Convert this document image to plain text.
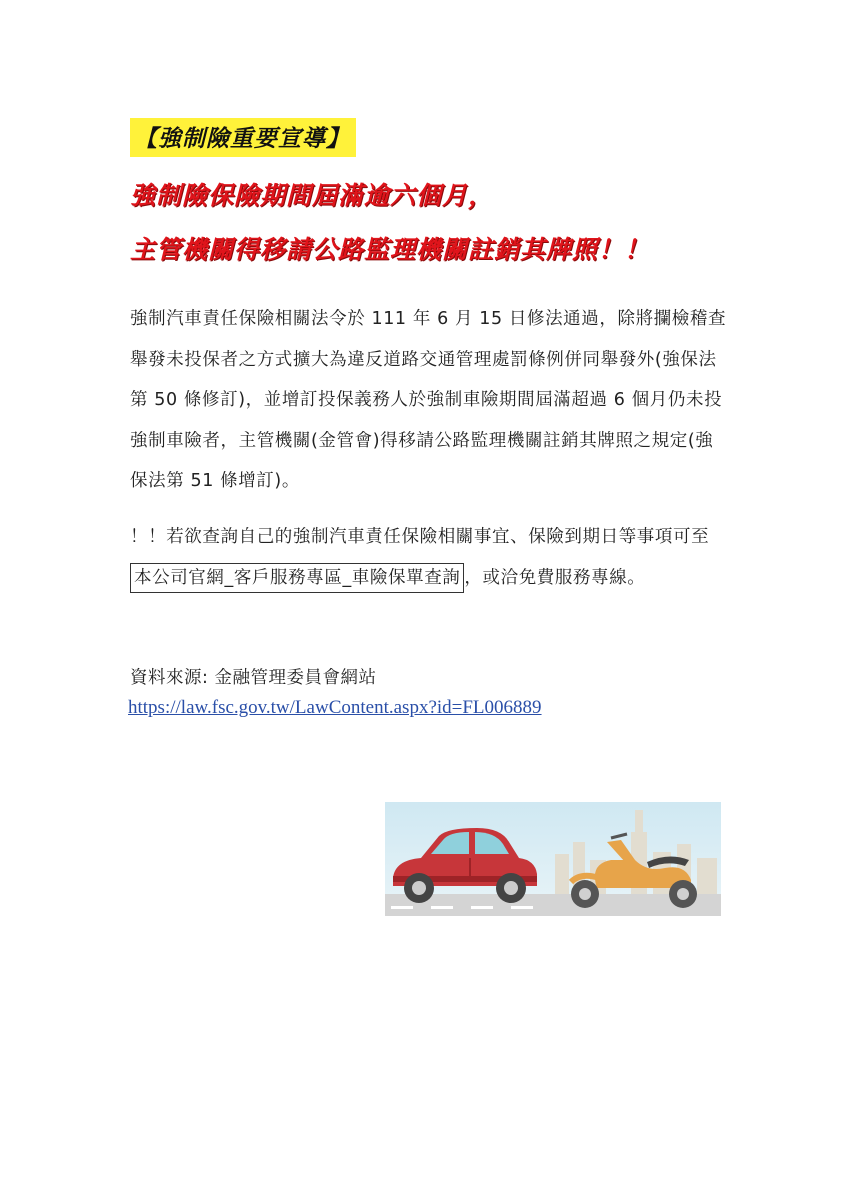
【強制險重要宣導】
強制險保險期間屆滿逾六個月，
主管機關得移請公路監理機關註銷其牌照！！
強制汽車責任保險相關法令於 111 年 6 月 15 日修法通過，除將攔檢稽查舉發未投保者之方式擴大為違反道路交通管理處罰條例併同舉發外(強保法第 50 條修訂)，並增訂投保義務人於強制車險期間屆滿超過 6 個月仍未投強制車險者，主管機關(金管會)得移請公路監理機關註銷其牌照之規定(強保法第 51 條增訂)。
！！若欲查詢自己的強制汽車責任保險相關事宜、保險到期日等事項可至 本公司官網_客戶服務專區_車險保單查詢 ，或洽免費服務專線。
資料來源: 金融管理委員會網站
https://law.fsc.gov.tw/LawContent.aspx?id=FL006889
